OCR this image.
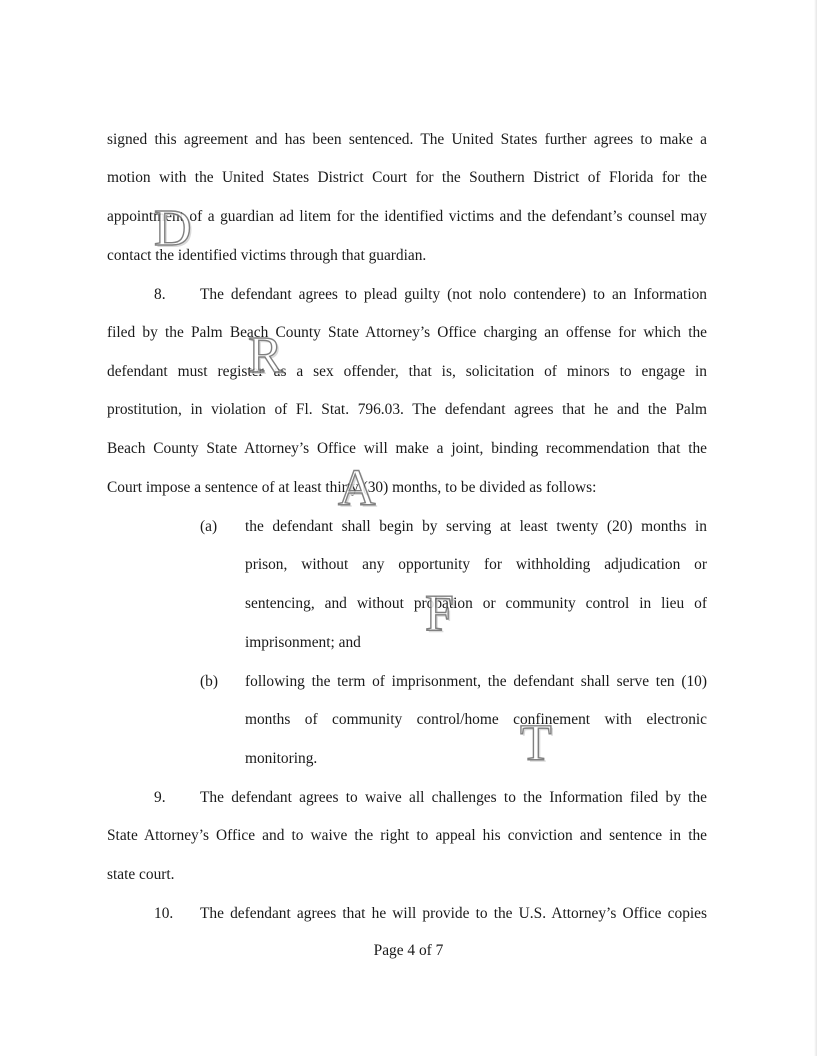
signed this agreement and has been sentenced. The United States further agrees to make a
motion with the United States District Court for the Southern District of Florida for the
appointment of a guardian ad litem for the identified victims and the defendant’s counsel may
contact the identified victims through that guardian.
8. The defendant agrees to plead guilty (not nolo contendere) to an Information
filed by the Palm Beach County State Attorney’s Office charging an offense for which the
defendant must register as a sex offender, that is, solicitation of minors to engage in
prostitution, in violation of Fl. Stat. 796.03. The defendant agrees that he and the Palm
Beach County State Attorney’s Office will make a joint, binding recommendation that the
Court impose a sentence of at least thirty (30) months, to be divided as follows:
(a) the defendant shall begin by serving at least twenty (20) months in
prison, without any opportunity for withholding adjudication or
sentencing, and without probation or community control in lieu of
imprisonment; and
(b) following the term of imprisonment, the defendant shall serve ten (10)
months of community control/home confinement with electronic
monitoring.
9. The defendant agrees to waive all challenges to the Information filed by the
State Attorney’s Office and to waive the right to appeal his conviction and sentence in the
state court.
10. The defendant agrees that he will provide to the U.S. Attorney’s Office copies
Page 4 of 7
D
R
A
F
T
